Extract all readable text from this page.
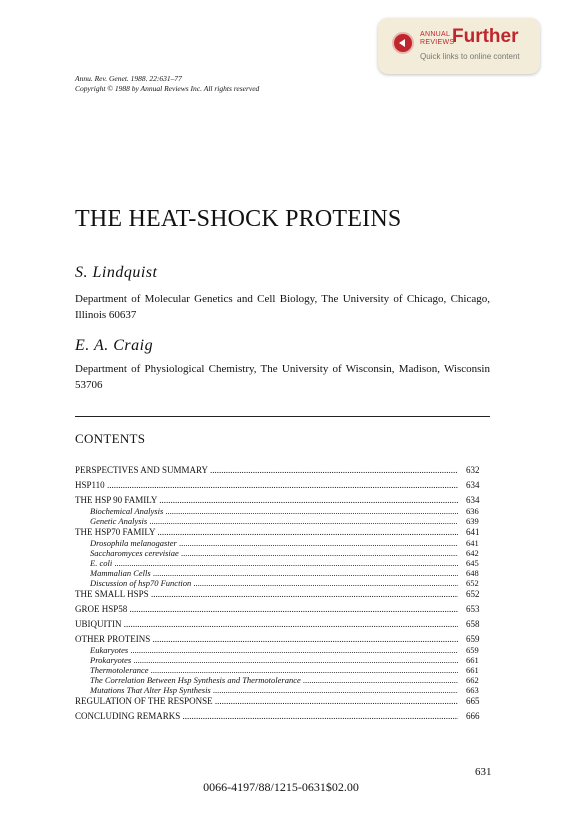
ANNUAL
REVIEWS
Further
Quick links to online content
Annu. Rev. Genet. 1988. 22:631–77
Copyright © 1988 by Annual Reviews Inc. All rights reserved
THE HEAT-SHOCK PROTEINS
S. Lindquist
Department of Molecular Genetics and Cell Biology, The University of Chicago, Chicago, Illinois 60637
E. A. Craig
Department of Physiological Chemistry, The University of Wisconsin, Madison, Wisconsin 53706
CONTENTS
PERSPECTIVES AND SUMMARY .....	632
HSP110 .....	634
THE HSP 90 FAMILY .....	634
Biochemical Analysis .....	636
Genetic Analysis .....	639
THE HSP70 FAMILY .....	641
Drosophila melanogaster .....	641
Saccharomyces cerevisiae .....	642
E. coli .....	645
Mammalian Cells .....	648
Discussion of hsp70 Function .....	652
THE SMALL HSPS .....	652
GROE HSP58 .....	653
UBIQUITIN .....	658
OTHER PROTEINS .....	659
Eukaryotes .....	659
Prokaryotes .....	661
Thermotolerance .....	661
The Correlation Between Hsp Synthesis and Thermotolerance .....	662
Mutations That Alter Hsp Synthesis .....	663
REGULATION OF THE RESPONSE .....	665
CONCLUDING REMARKS .....	666
631
0066-4197/88/1215-0631$02.00
